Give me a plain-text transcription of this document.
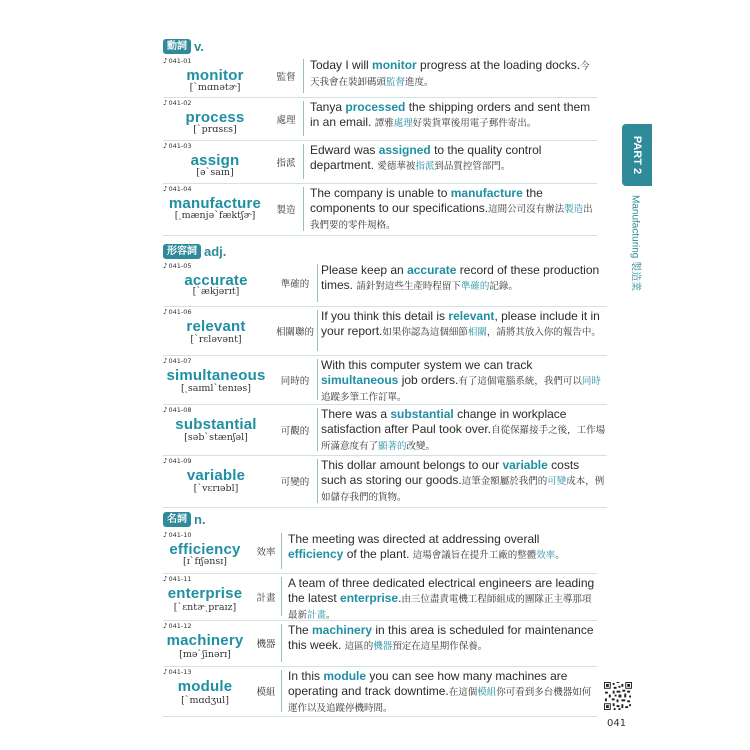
動詞 v.
形容詞 adj.
名詞 n.
♪ 041-01
monitor
[ˋmɑnətɚ]
監督
Today I will monitor progress at the loading docks.今天我會在裝卸碼頭監督進度。
♪ 041-02
process
[ˋprɑsɛs]
處理
Tanya processed the shipping orders and sent them in an email. 譚雅處理好裝貨單後用電子郵件寄出。
♪ 041-03
assign
[əˋsaɪn]
指派
Edward was assigned to the quality control department. 愛德華被指派到品質控管部門。
♪ 041-04
manufacture
[ˏmænjəˋfæktʃɚ]	製造
The company is unable to manufacture the components to our specifications.這間公司沒有辦法製造出我們要的零件規格。
♪ 041-05
accurate
[ˋækjərɪt]
準確的
Please keep an accurate record of these production times. 請針對這些生產時程留下準確的記錄。
♪ 041-06
relevant
[ˋrɛləvənt]
相關聯的
If you think this detail is relevant, please include it in your report.如果你認為這個細節相關，請將其放入你的報告中。
♪ 041-07
simultaneous
[ˏsaɪmlˋtenɪəs]
同時的
With this computer system we can track simultaneous job orders.有了這個電腦系統，我們可以同時追蹤多筆工作訂單。
♪ 041-08
substantial
[səbˋstænʃəl]
可觀的
There was a substantial change in workplace satisfaction after Paul took over.自從保羅接手之後，工作場所滿意度有了顯著的改變。
♪ 041-09
variable
[ˋvɛrɪəbl]
可變的
This dollar amount belongs to our variable costs such as storing our goods.這筆金額屬於我們的可變成本，例如儲存我們的貨物。
♪ 041-10
efficiency
[ɪˋfɪʃənsɪ]
效率
The meeting was directed at addressing overall efficiency of the plant. 這場會議旨在提升工廠的整體效率。
♪ 041-11
enterprise
[ˋɛntɚˏpraɪz]
計畫
A team of three dedicated electrical engineers are leading the latest enterprise.由三位盡責電機工程師組成的團隊正主導那項最新計畫。
♪ 041-12
machinery
[məˋʃinərɪ]
機器
The machinery in this area is scheduled for maintenance this week. 這區的機器預定在這星期作保養。
♪ 041-13
module
[ˋmɑdʒul]
模組
In this module you can see how many machines are operating and track downtime.在這個模組你可看到多台機器如何運作以及追蹤停機時間。
PART 2
Manufacturing 製造業
041
